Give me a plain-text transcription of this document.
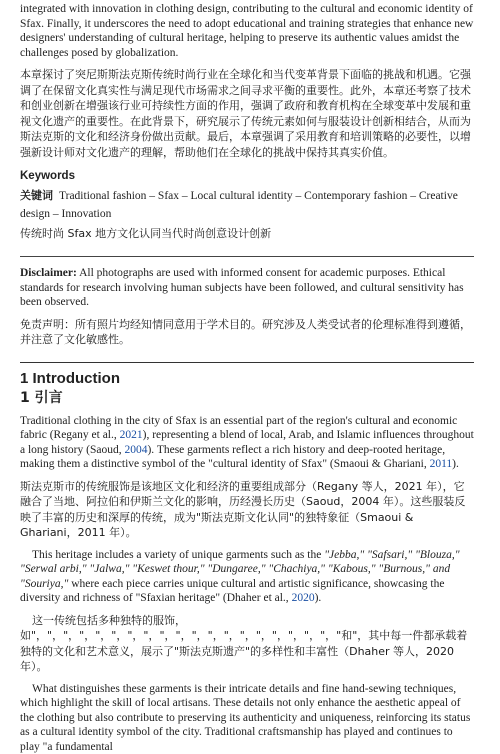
integrated with innovation in clothing design, contributing to the cultural and economic identity of Sfax. Finally, it underscores the need to adopt educational and training strategies that enhance new designers' understanding of cultural heritage, helping to preserve its authentic values amidst the challenges posed by globalization.

本章探讨了突尼斯斯法克斯传统时尚行业在全球化和当代变革背景下面临的挑战和机遇。它强调了在保留文化真实性与满足现代市场需求之间寻求平衡的重要性。此外，本章还考察了技术和创业创新在增强该行业可持续性方面的作用，强调了政府和教育机构在全球变革中发展和重视文化遗产的重要性。在此背景下，研究展示了传统元素如何与服装设计创新相结合，从而为斯法克斯的文化和经济身份做出贡献。最后，本章强调了采用教育和培训策略的必要性，以增强新设计师对文化遗产的理解，帮助他们在全球化的挑战中保持其真实价值。

Keywords

关键词 Traditional fashion – Sfax – Local cultural identity – Contemporary fashion – Creative design – Innovation

传统时尚 Sfax 地方文化认同当代时尚创意设计创新

Disclaimer: All photographs are used with informed consent for academic purposes. Ethical standards for research involving human subjects have been followed, and cultural sensitivity has been observed.

免责声明：所有照片均经知情同意用于学术目的。研究涉及人类受试者的伦理标准得到遵循，并注意了文化敏感性。

1 Introduction

1 引言

Traditional clothing in the city of Sfax is an essential part of the region's cultural and economic fabric (Regany et al., 2021), representing a blend of local, Arab, and Islamic influences throughout a long history (Saoud, 2004). These garments reflect a rich history and deep-rooted heritage, making them a distinctive symbol of the "cultural identity of Sfax" (Smaoui & Ghariani, 2011).

斯法克斯市的传统服饰是该地区文化和经济的重要组成部分（Regany 等人，2021 年），它融合了当地、阿拉伯和伊斯兰文化的影响，历经漫长历史（Saoud，2004 年）。这些服装反映了丰富的历史和深厚的传统，成为"斯法克斯文化认同"的独特象征（Smaoui & Ghariani，2011 年）。

This heritage includes a variety of unique garments such as the "Jebba," "Safsari," "Blouza," "Serwal arbi," "Jalwa," "Keswet thour," "Dungaree," "Chachiya," "Kabous," "Burnous," and "Souriya," where each piece carries unique cultural and artistic significance, showcasing the diversity and richness of "Sfaxian heritage" (Dhaher et al., 2020).

这一传统包括多种独特的服饰，如"，"，"，"，"，"，"，"，"，"，"，"，"，"，"，"，"，"，"，"和"，其中每一件都承载着独特的文化和艺术意义，展示了"斯法克斯遗产"的多样性和丰富性（Dhaher 等人，2020 年）。

What distinguishes these garments is their intricate details and fine hand-sewing techniques, which highlight the skill of local artisans. These details not only enhance the aesthetic appeal of the clothing but also contribute to preserving its authenticity and uniqueness, reinforcing its status as a cultural identity symbol of the city. Traditional craftsmanship has played and continues to play "a fundamental
